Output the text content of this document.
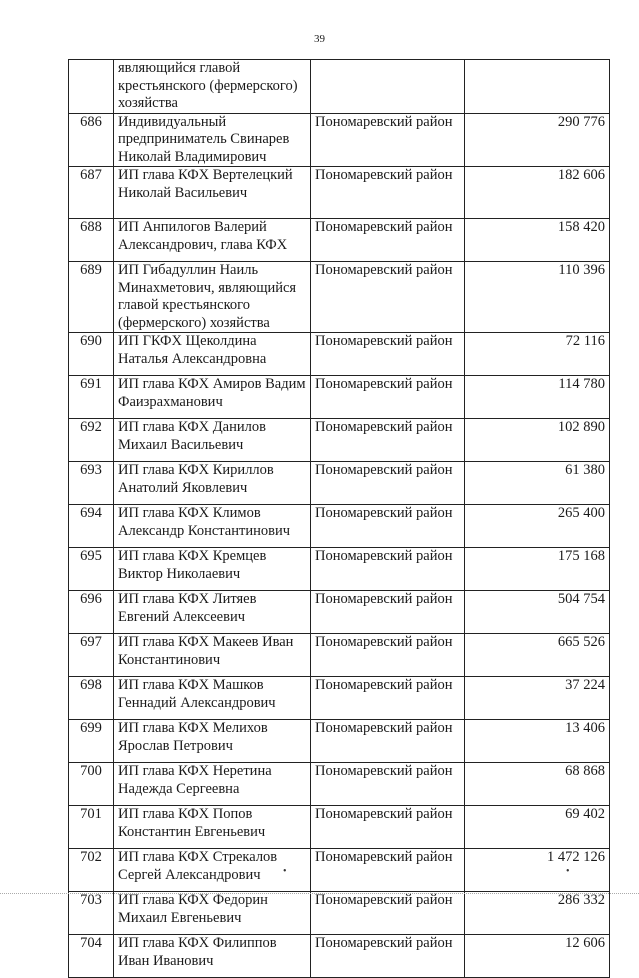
39
	являющийся главой крестьянского (фермерского) хозяйства		
686	Индивидуальный предприниматель Свинарев Николай Владимирович	Пономаревский район	290 776
687	ИП глава КФХ Вертелецкий Николай Васильевич	Пономаревский район	182 606
688	ИП Анпилогов Валерий Александрович, глава КФХ	Пономаревский район	158 420
689	ИП Гибадуллин Наиль Минахметович, являющийся главой крестьянского (фермерского) хозяйства	Пономаревский район	110 396
690	ИП ГКФХ Щеколдина Наталья Александровна	Пономаревский район	72 116
691	ИП глава КФХ Амиров Вадим Фаизрахманович	Пономаревский район	114 780
692	ИП глава КФХ Данилов Михаил Васильевич	Пономаревский район	102 890
693	ИП глава КФХ Кириллов Анатолий Яковлевич	Пономаревский район	61 380
694	ИП глава КФХ Климов Александр Константинович	Пономаревский район	265 400
695	ИП глава КФХ Кремцев Виктор Николаевич	Пономаревский район	175 168
696	ИП глава КФХ Литяев Евгений Алексеевич	Пономаревский район	504 754
697	ИП глава КФХ Макеев Иван Константинович	Пономаревский район	665 526
698	ИП глава КФХ Машков Геннадий Александрович	Пономаревский район	37 224
699	ИП глава КФХ Мелихов Ярослав Петрович	Пономаревский район	13 406
700	ИП глава КФХ Неретина Надежда Сергеевна	Пономаревский район	68 868
701	ИП глава КФХ Попов Константин Евгеньевич	Пономаревский район	69 402
702	ИП глава КФХ Стрекалов Сергей Александрович	Пономаревский район	1 472 126
703	ИП глава КФХ Федорин Михаил Евгеньевич	Пономаревский район	286 332
704	ИП глава КФХ Филиппов Иван Иванович	Пономаревский район	12 606
•	•
